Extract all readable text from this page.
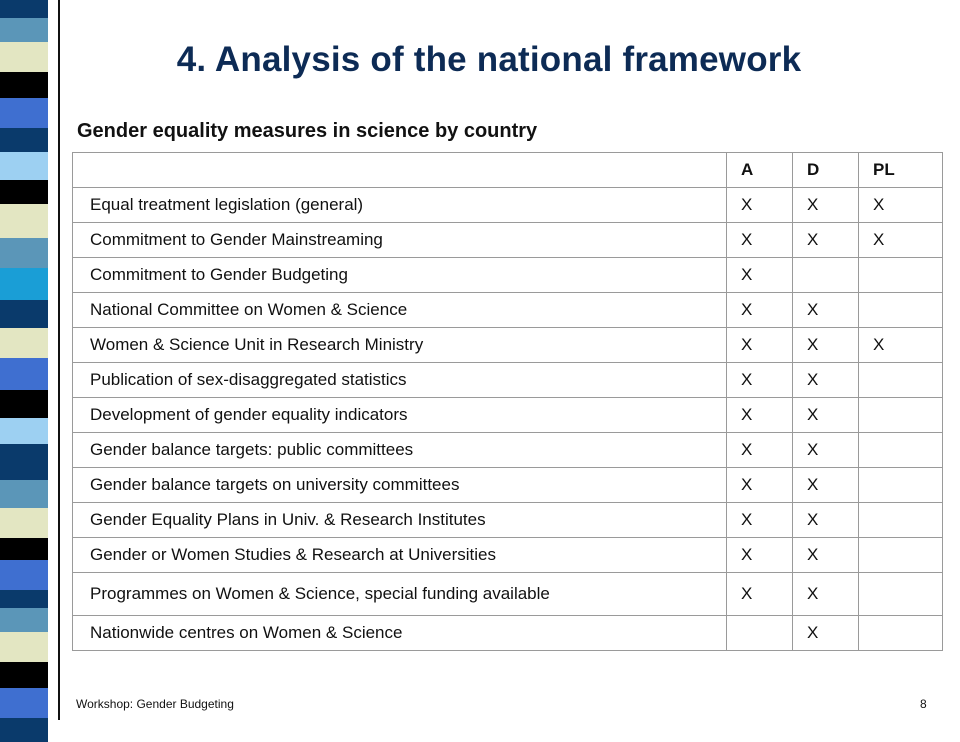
4. Analysis of the national framework
Gender equality measures in science by country
	A	D	PL
Equal treatment legislation (general)	X	X	X
Commitment to Gender Mainstreaming	X	X	X
Commitment to Gender Budgeting	X		
National Committee on Women & Science	X	X	
Women & Science Unit in Research Ministry	X	X	X
Publication of sex-disaggregated statistics	X	X	
Development of gender equality indicators	X	X	
Gender balance targets: public committees	X	X	
Gender balance targets on university committees	X	X	
Gender Equality Plans in Univ. & Research Institutes	X	X	
Gender or Women Studies & Research at Universities	X	X	
Programmes on Women & Science, special funding available	X	X	
Nationwide centres on Women & Science		X	
Workshop: Gender Budgeting	8
